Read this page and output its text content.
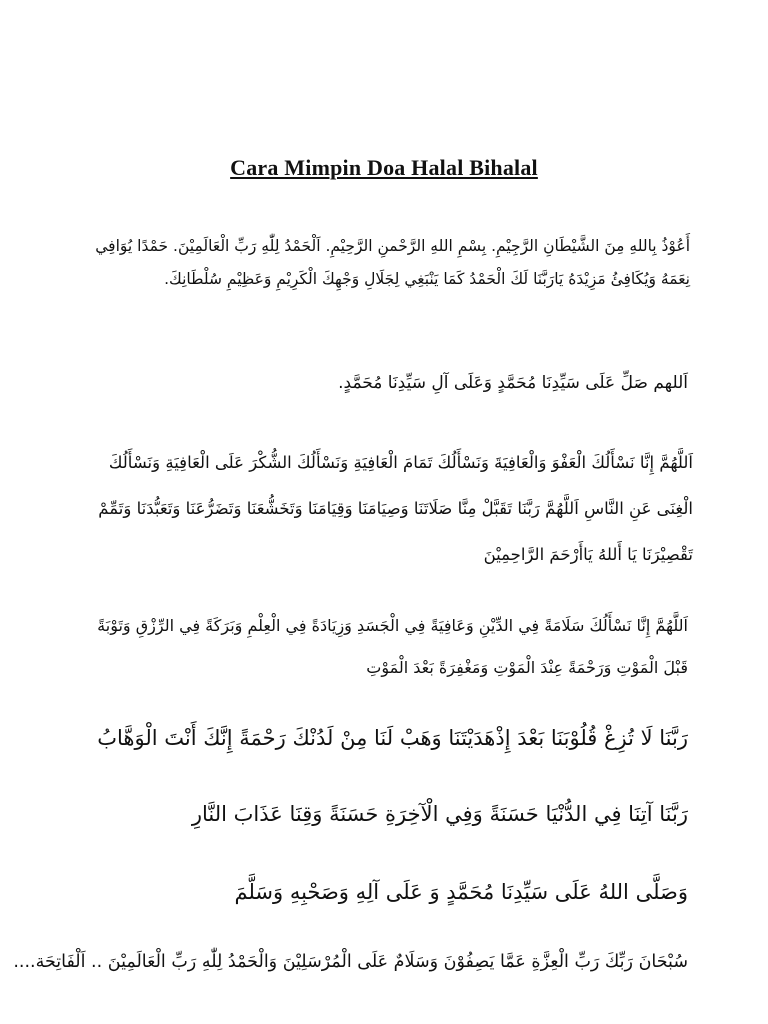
Cara Mimpin Doa Halal Bihalal
أَعُوْذُ بِاللهِ مِنَ الشَّيْطَانِ الرَّجِيْمِ. بِسْمِ اللهِ الرَّحْمنِ الرَّحِيْمِ. اَلْحَمْدُ لِلّٰهِ رَبِّ الْعَالَمِيْنَ. حَمْدًا يُوَافِي نِعَمَهُ وَيُكَافِئُ مَزِيْدَهُ يَارَبَّنَا لَكَ الْحَمْدُ كَمَا يَنْبَغِي لِجَلَالِ وَجْهِكَ الْكَرِيْمِ وَعَظِيْمِ سُلْطَانِكَ.
اَللهم صَلِّ عَلَى سَيِّدِنَا مُحَمَّدٍ وَعَلَى آلِ سَيِّدِنَا مُحَمَّدٍ.
اَللَّهُمَّ إِنَّا نَسْأَلُكَ الْعَفْوَ وَالْعَافِيَةَ وَنَسْأَلُكَ تَمَامَ الْعَافِيَةِ وَنَسْأَلُكَ الشُّكْرَ عَلَى الْعَافِيَةِ وَنَسْأَلُكَ الْغِنَى عَنِ النَّاسِ اَللَّهُمَّ رَبَّنَا تَقَبَّلْ مِنَّا صَلَاتَنَا وَصِيَامَنَا وَقِيَامَنَا وَتَخَشُّعَنَا وَتَضَرُّعَنَا وَتَعَبُّدَنَا وَتَمِّمْ تَقْصِيْرَنَا يَا أَللهُ يَاأَرْحَمَ الرَّاحِمِيْنَ
اَللَّهُمَّ إِنَّا نَسْأَلُكَ سَلَامَةً فِي الدِّيْنِ وَعَافِيَةً فِي الْجَسَدِ وَزِيَادَةً فِي الْعِلْمِ وَبَرَكَةً فِي الرِّزْقِ وَتَوْبَةً قَبْلَ الْمَوْتِ وَرَحْمَةً عِنْدَ الْمَوْتِ وَمَغْفِرَةً بَعْدَ الْمَوْتِ
رَبَّنَا لَا تُزِغْ قُلُوْبَنَا بَعْدَ إِذْهَدَيْتَنَا وَهَبْ لَنَا مِنْ لَدُنْكَ رَحْمَةً إِنَّكَ أَنْتَ الْوَهَّابُ
رَبَّنَا آتِنَا فِي الدُّنْيَا حَسَنَةً وَفِي الْآخِرَةِ حَسَنَةً وَقِنَا عَذَابَ النَّارِ
وَصَلَّى اللهُ عَلَى سَيِّدِنَا مُحَمَّدٍ وَ عَلَى آلِهِ وَصَحْبِهِ وَسَلَّمَ
سُبْحَانَ رَبِّكَ رَبِّ الْعِزَّةِ عَمَّا يَصِفُوْنَ وَسَلَامٌ عَلَى الْمُرْسَلِيْنَ وَالْحَمْدُ لِلّٰهِ رَبِّ الْعَالَمِيْنَ .. اَلْفَاتِحَة....
